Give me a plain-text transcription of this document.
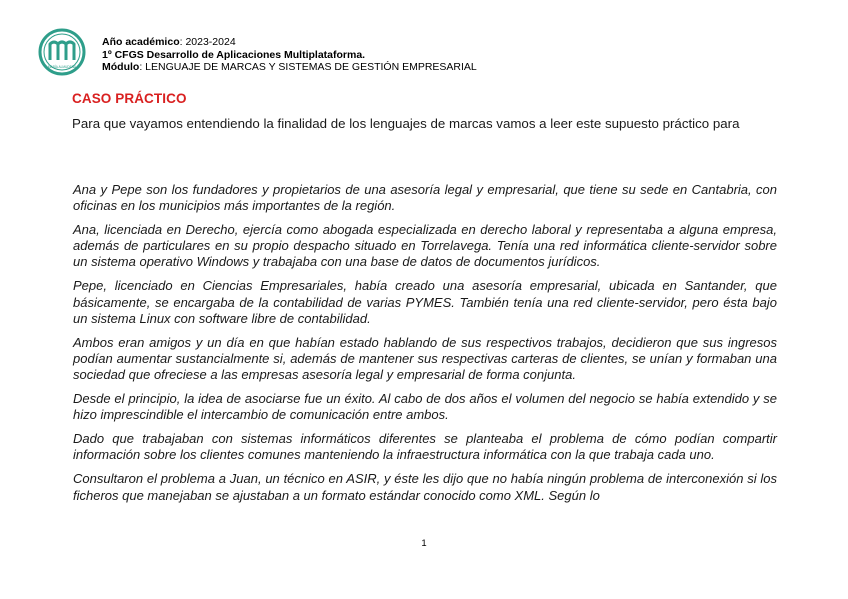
MARÍA ALMUDENA
Año académico: 2023-2024
1º CFGS Desarrollo de Aplicaciones Multiplataforma.
Módulo: LENGUAJE DE MARCAS Y SISTEMAS DE GESTIÓN EMPRESARIAL
CASO PRÁCTICO
Para que vayamos entendiendo la finalidad de los lenguajes de marcas vamos a leer este supuesto práctico para

Ana y Pepe son los fundadores y propietarios de una asesoría legal y empresarial, que tiene su sede en Cantabria, con oficinas en los municipios más importantes de la región.

Ana, licenciada en Derecho, ejercía como abogada especializada en derecho laboral y representaba a alguna empresa, además de particulares en su propio despacho situado en Torrelavega. Tenía una red informática cliente-servidor sobre un sistema operativo Windows y trabajaba con una base de datos de documentos jurídicos.

Pepe, licenciado en Ciencias Empresariales, había creado una asesoría empresarial, ubicada en Santander, que básicamente, se encargaba de la contabilidad de varias PYMES. También tenía una red cliente-servidor, pero ésta bajo un sistema Linux con software libre de contabilidad.

Ambos eran amigos y un día en que habían estado hablando de sus respectivos trabajos, decidieron que sus ingresos podían aumentar sustancialmente si, además de mantener sus respectivas carteras de clientes, se unían y formaban una sociedad que ofreciese a las empresas asesoría legal y empresarial de forma conjunta.

Desde el principio, la idea de asociarse fue un éxito. Al cabo de dos años el volumen del negocio se había extendido y se hizo imprescindible el intercambio de comunicación entre ambos.

Dado que trabajaban con sistemas informáticos diferentes se planteaba el problema de cómo podían compartir información sobre los clientes comunes manteniendo la infraestructura informática con la que trabaja cada uno.

Consultaron el problema a Juan, un técnico en ASIR, y éste les dijo que no había ningún problema de interconexión si los ficheros que manejaban se ajustaban a un formato estándar conocido como XML. Según lo

1
